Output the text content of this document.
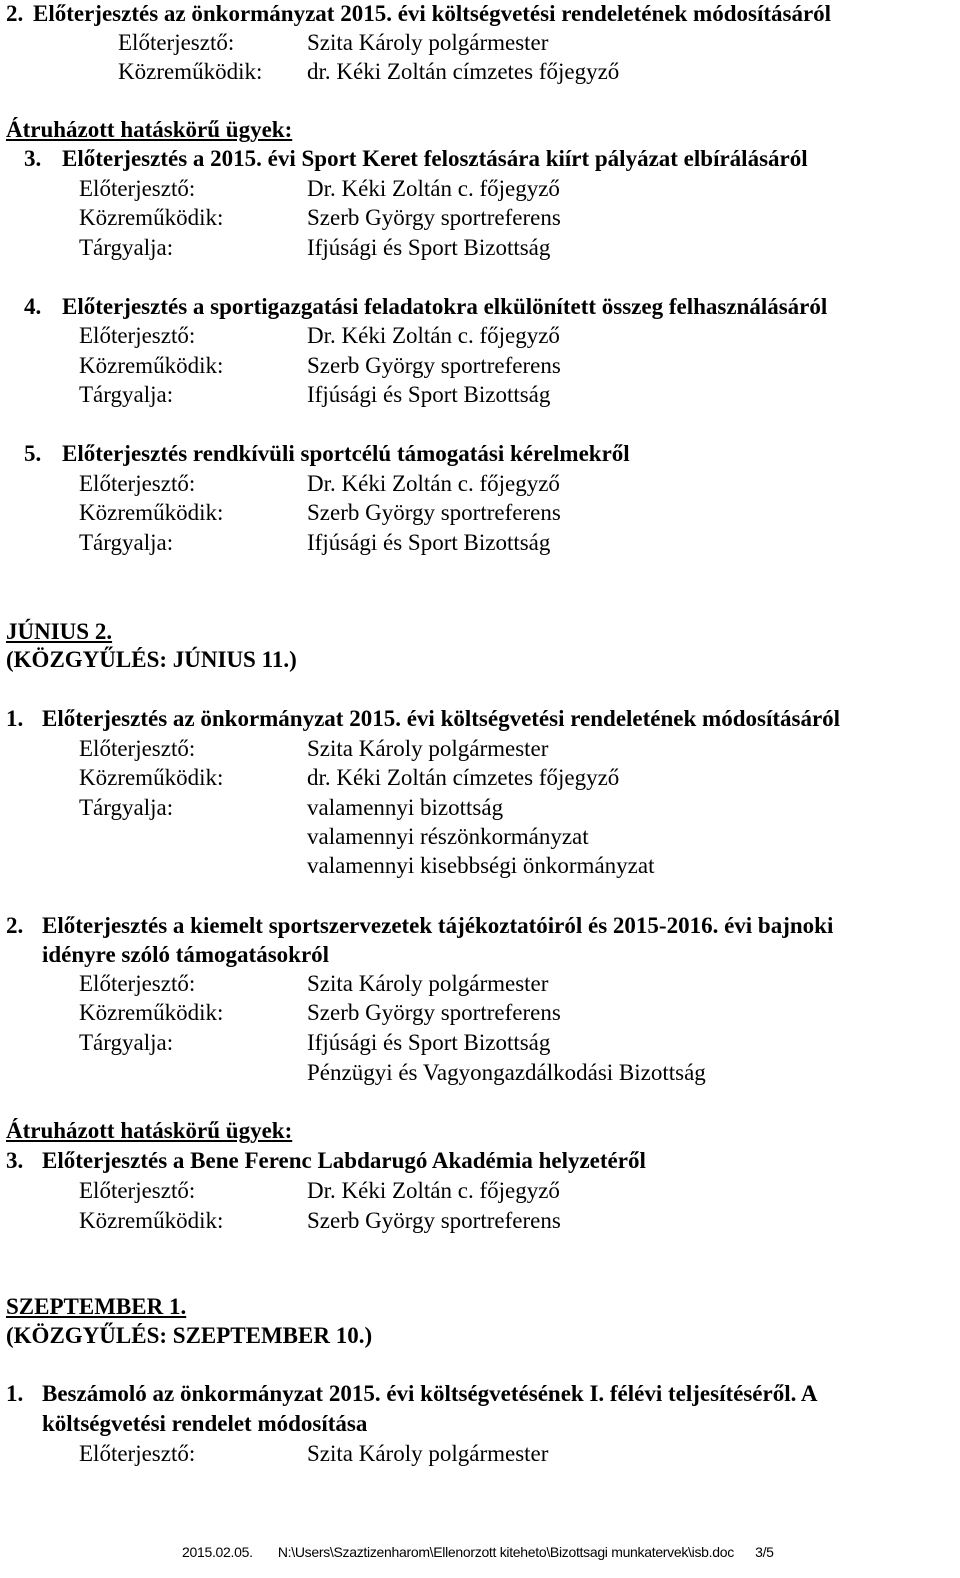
2. Előterjesztés az önkormányzat 2015. évi költségvetési rendeletének módosításáról
Előterjesztő:	Szita Károly polgármester
Közreműködik: dr. Kéki Zoltán címzetes főjegyző
Átruházott hatáskörű ügyek:
3. Előterjesztés a 2015. évi Sport Keret felosztására kiírt pályázat elbírálásáról
Előterjesztő:	Dr. Kéki Zoltán c. főjegyző
Közreműködik:	Szerb György sportreferens
Tárgyalja:	Ifjúsági és Sport Bizottság
4. Előterjesztés a sportigazgatási feladatokra elkülönített összeg felhasználásáról
Előterjesztő:	Dr. Kéki Zoltán c. főjegyző
Közreműködik:	Szerb György sportreferens
Tárgyalja:	Ifjúsági és Sport Bizottság
5. Előterjesztés rendkívüli sportcélú támogatási kérelmekről
Előterjesztő:	Dr. Kéki Zoltán c. főjegyző
Közreműködik:	Szerb György sportreferens
Tárgyalja:	Ifjúsági és Sport Bizottság
JÚNIUS 2.
(KÖZGYŰLÉS: JÚNIUS 11.)
1. Előterjesztés az önkormányzat 2015. évi költségvetési rendeletének módosításáról
Előterjesztő:	Szita Károly polgármester
Közreműködik:	dr. Kéki Zoltán címzetes főjegyző
Tárgyalja:	valamennyi bizottság
valamennyi részönkormányzat
valamennyi kisebbségi önkormányzat
2. Előterjesztés a kiemelt sportszervezetek tájékoztatóiról és 2015-2016. évi bajnoki
idényre szóló támogatásokról
Előterjesztő:	Szita Károly polgármester
Közreműködik:	Szerb György sportreferens
Tárgyalja:	Ifjúsági és Sport Bizottság
Pénzügyi és Vagyongazdálkodási Bizottság
Átruházott hatáskörű ügyek:
3. Előterjesztés a Bene Ferenc Labdarugó Akadémia helyzetéről
Előterjesztő:	Dr. Kéki Zoltán c. főjegyző
Közreműködik:	Szerb György sportreferens
SZEPTEMBER 1.
(KÖZGYŰLÉS: SZEPTEMBER 10.)
1. Beszámoló az önkormányzat 2015. évi költségvetésének I. félévi teljesítéséről. A
költségvetési rendelet módosítása
Előterjesztő:	Szita Károly polgármester
2015.02.05. N:\Users\Szaztizenharom\Ellenorzott kiteheto\Bizottsagi munkatervek\isb.doc 3/5
